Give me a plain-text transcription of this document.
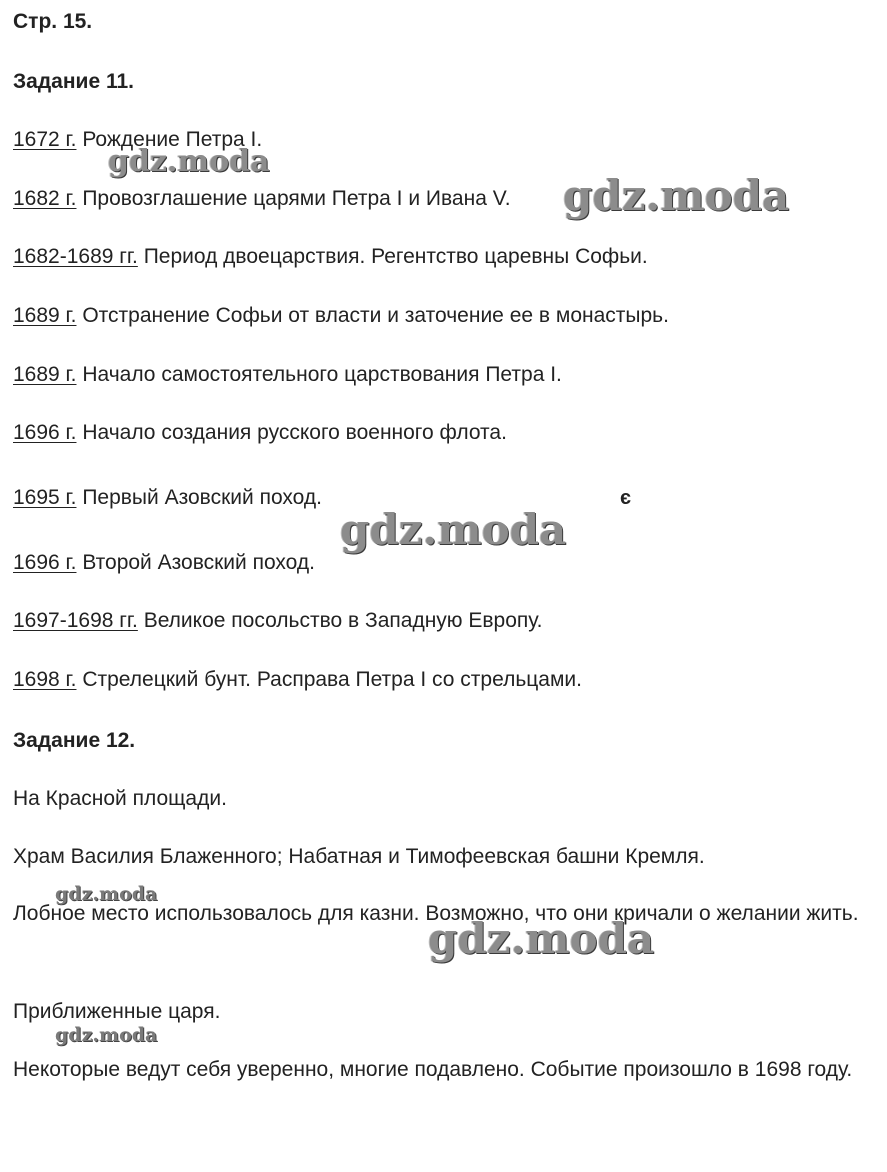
Стр. 15.
Задание 11.
1672 г. Рождение Петра I.
1682 г. Провозглашение царями Петра I и Ивана V.
1682-1689 гг. Период двоецарствия. Регентство царевны Софьи.
1689 г. Отстранение Софьи от власти и заточение ее в монастырь.
1689 г. Начало самостоятельного царствования Петра I.
1696 г. Начало создания русского военного флота.
1695 г. Первый Азовский поход.
1696 г. Второй Азовский поход.
1697-1698 гг. Великое посольство в Западную Европу.
1698 г. Стрелецкий бунт. Расправа Петра I со стрельцами.
є
Задание 12.
На Красной площади.
Храм Василия Блаженного; Набатная и Тимофеевская башни Кремля.
Лобное место использовалось для казни. Возможно, что они кричали о желании жить.
Приближенные царя.
Некоторые ведут себя уверенно, многие подавлено. Событие произошло в 1698 году.
gdz.moda
gdz.moda
gdz.moda
gdz.moda
gdz.moda
gdz.moda
